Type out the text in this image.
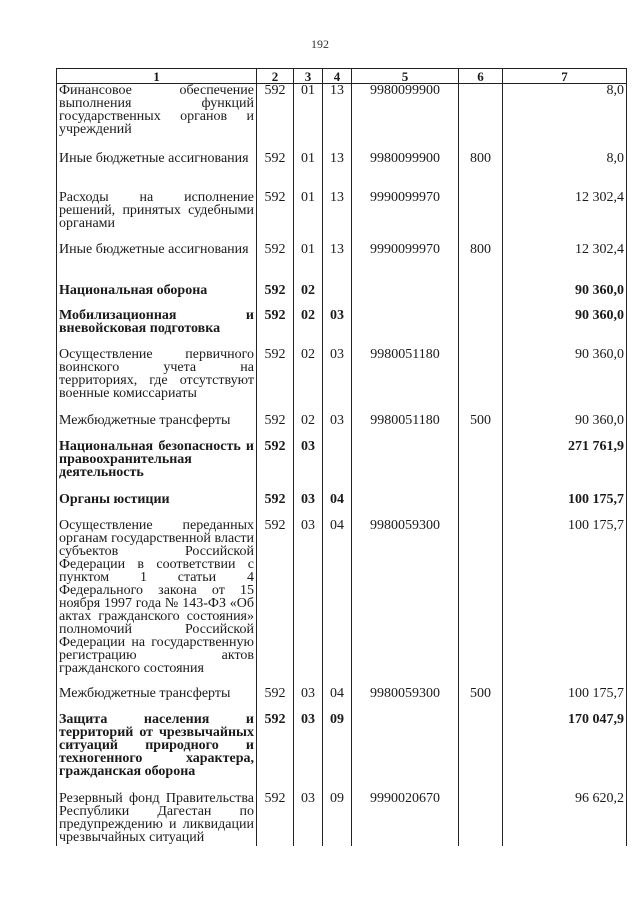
192
1	2	3	4	5	6	7
Финансовое обеспечение выполнения функций государственных органов и учреждений	592	01	13	9980099900		8,0
Иные бюджетные ассигнования	592	01	13	9980099900	800	8,0
Расходы на исполнение решений, принятых судебными органами	592	01	13	9990099970		12 302,4
Иные бюджетные ассигнования	592	01	13	9990099970	800	12 302,4
Национальная оборона	592	02				90 360,0
Мобилизационная и вневойсковая подготовка	592	02	03			90 360,0
Осуществление первичного воинского учета на территориях, где отсутствуют военные комиссариаты	592	02	03	9980051180		90 360,0
Межбюджетные трансферты	592	02	03	9980051180	500	90 360,0
Национальная безопасность и правоохранительная деятельность	592	03				271 761,9
Органы юстиции	592	03	04			100 175,7
Осуществление переданных органам государственной власти субъектов Российской Федерации в соответствии с пунктом 1 статьи 4 Федерального закона от 15 ноября 1997 года № 143-ФЗ «Об актах гражданского состояния» полномочий Российской Федерации на государственную регистрацию актов гражданского состояния	592	03	04	9980059300		100 175,7
Межбюджетные трансферты	592	03	04	9980059300	500	100 175,7
Защита населения и территорий от чрезвычайных ситуаций природного и техногенного характера, гражданская оборона	592	03	09			170 047,9
Резервный фонд Правительства Республики Дагестан по предупреждению и ликвидации чрезвычайных ситуаций	592	03	09	9990020670		96 620,2
